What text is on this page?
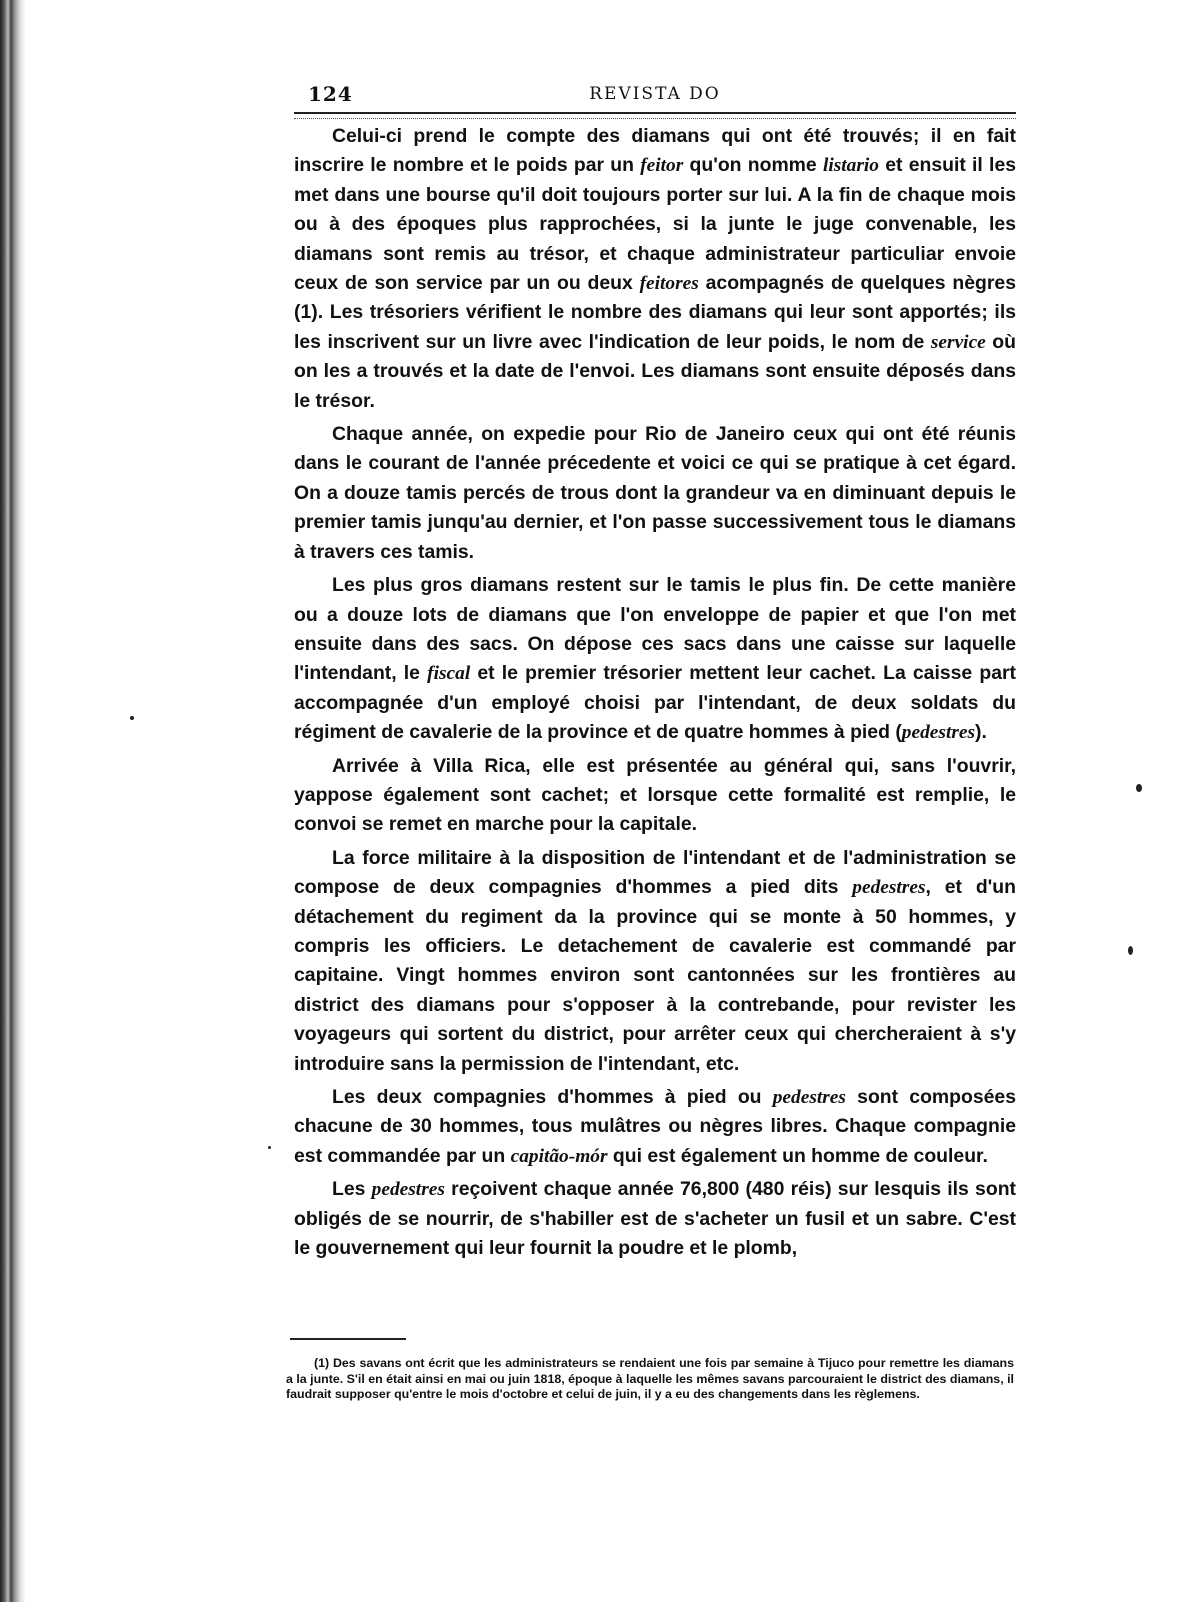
124	REVISTA DO

Celui-ci prend le compte des diamans qui ont été trouvés; il en fait inscrire le nombre et le poids par un feitor qu'on nomme listario et ensuit il les met dans une bourse qu'il doit toujours porter sur lui. A la fin de chaque mois ou à des époques plus rapprochées, si la junte le juge convenable, les diamans sont remis au trésor, et chaque administrateur particuliar envoie ceux de son service par un ou deux feitores acompagnés de quelques nègres (1). Les trésoriers vérifient le nombre des diamans qui leur sont apportés; ils les inscrivent sur un livre avec l'indication de leur poids, le nom de service où on les a trouvés et la date de l'envoi. Les diamans sont ensuite déposés dans le trésor.

Chaque année, on expedie pour Rio de Janeiro ceux qui ont été réunis dans le courant de l'année précedente et voici ce qui se pratique à cet égard. On a douze tamis percés de trous dont la grandeur va en diminuant depuis le premier tamis junqu'au dernier, et l'on passe successivement tous le diamans à travers ces tamis.

Les plus gros diamans restent sur le tamis le plus fin. De cette manière ou a douze lots de diamans que l'on enveloppe de papier et que l'on met ensuite dans des sacs. On dépose ces sacs dans une caisse sur laquelle l'intendant, le fiscal et le premier trésorier mettent leur cachet. La caisse part accompagnée d'un employé choisi par l'intendant, de deux soldats du régiment de cavalerie de la province et de quatre hommes à pied (pedestres).

Arrivée à Villa Rica, elle est présentée au général qui, sans l'ouvrir, yappose également sont cachet; et lorsque cette formalité est remplie, le convoi se remet en marche pour la capitale.

La force militaire à la disposition de l'intendant et de l'administration se compose de deux compagnies d'hommes a pied dits pedestres, et d'un détachement du regiment da la province qui se monte à 50 hommes, y compris les officiers. Le detachement de cavalerie est commandé par capitaine. Vingt hommes environ sont cantonnées sur les frontières au district des diamans pour s'opposer à la contrebande, pour revister les voyageurs qui sortent du district, pour arrêter ceux qui chercheraient à s'y introduire sans la permission de l'intendant, etc.

Les deux compagnies d'hommes à pied ou pedestres sont composées chacune de 30 hommes, tous mulâtres ou nègres libres. Chaque compagnie est commandée par un capitão-mór qui est également un homme de couleur.

Les pedestres reçoivent chaque année 76,800 (480 réis) sur lesquis ils sont obligés de se nourrir, de s'habiller est de s'acheter un fusil et un sabre. C'est le gouvernement qui leur fournit la poudre et le plomb,

(1) Des savans ont écrit que les administrateurs se rendaient une fois par semaine à Tijuco pour remettre les diamans a la junte. S'il en était ainsi en mai ou juin 1818, époque à laquelle les mêmes savans parcouraient le district des diamans, il faudrait supposer qu'entre le mois d'octobre et celui de juin, il y a eu des changements dans les règlemens.
